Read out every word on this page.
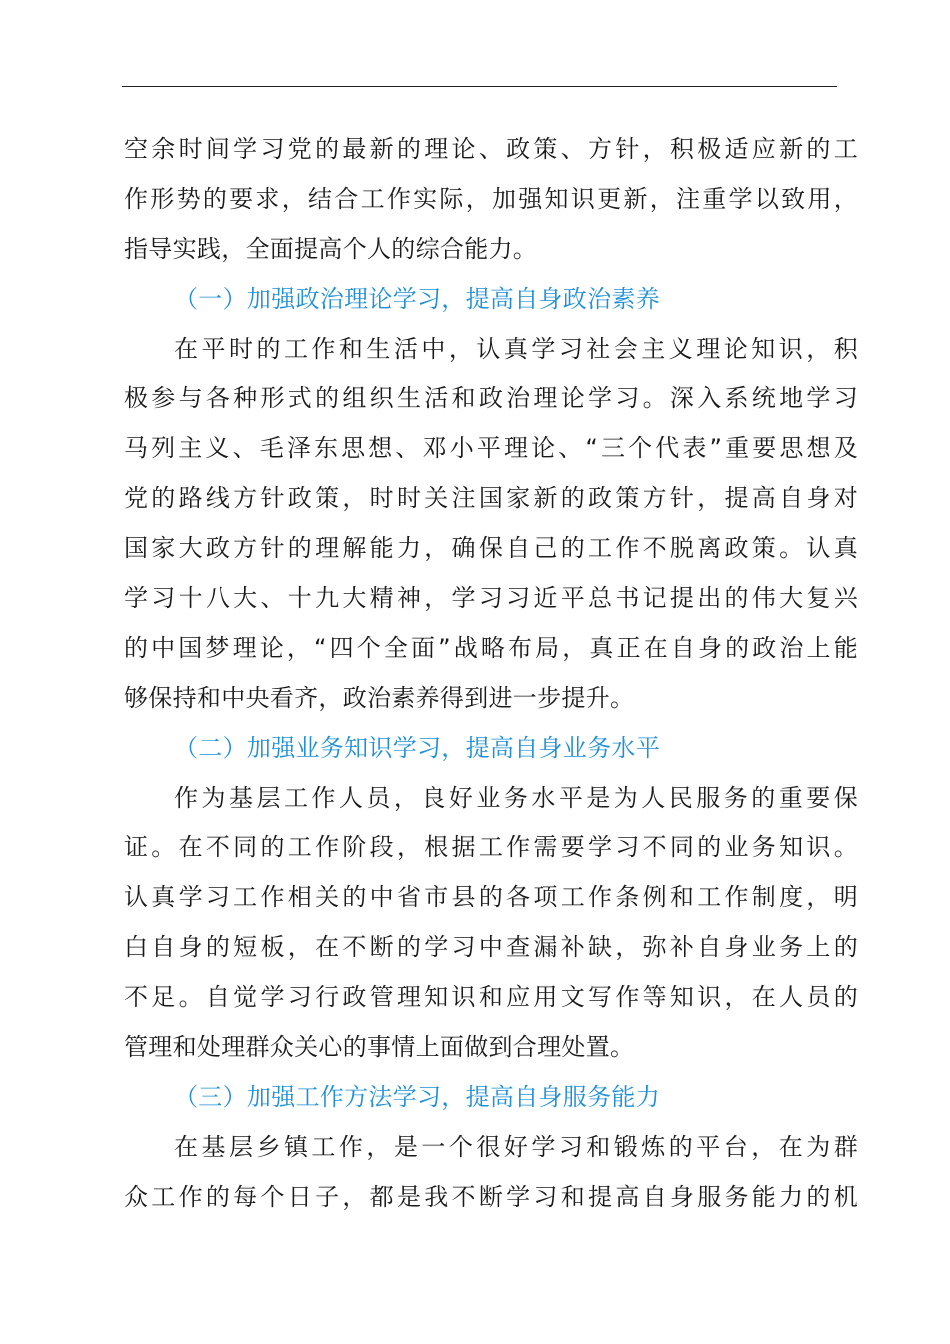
空余时间学习党的最新的理论、政策、方针，积极适应新的工
作形势的要求，结合工作实际，加强知识更新，注重学以致用，
指导实践，全面提高个人的综合能力。
（一）加强政治理论学习，提高自身政治素养
在平时的工作和生活中，认真学习社会主义理论知识，积
极参与各种形式的组织生活和政治理论学习。深入系统地学习
马列主义、毛泽东思想、邓小平理论、“三个代表”重要思想及
党的路线方针政策，时时关注国家新的政策方针，提高自身对
国家大政方针的理解能力，确保自己的工作不脱离政策。认真
学习十八大、十九大精神，学习习近平总书记提出的伟大复兴
的中国梦理论，“四个全面”战略布局，真正在自身的政治上能
够保持和中央看齐，政治素养得到进一步提升。
（二）加强业务知识学习，提高自身业务水平
作为基层工作人员，良好业务水平是为人民服务的重要保
证。在不同的工作阶段，根据工作需要学习不同的业务知识。
认真学习工作相关的中省市县的各项工作条例和工作制度，明
白自身的短板，在不断的学习中查漏补缺，弥补自身业务上的
不足。自觉学习行政管理知识和应用文写作等知识，在人员的
管理和处理群众关心的事情上面做到合理处置。
（三）加强工作方法学习，提高自身服务能力
在基层乡镇工作，是一个很好学习和锻炼的平台，在为群
众工作的每个日子，都是我不断学习和提高自身服务能力的机
